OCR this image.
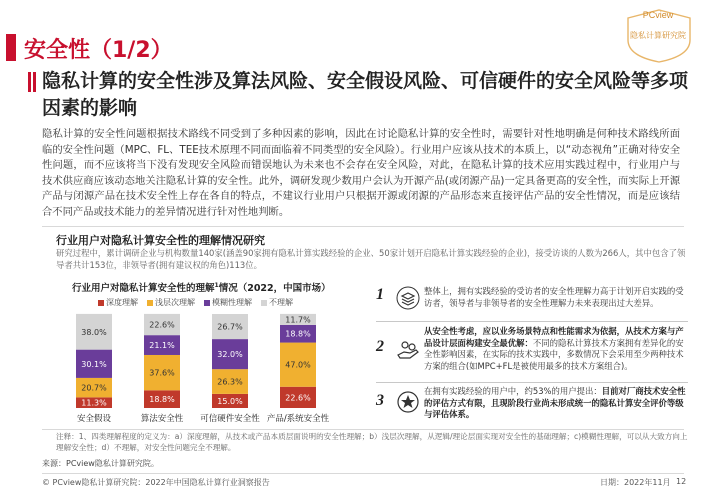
安全性（1/2）
PCview
隐私计算研究院
隐私计算的安全性涉及算法风险、安全假设风险、可信硬件的安全风险等多项因素的影响
隐私计算的安全性问题根据技术路线不同受到了多种因素的影响，因此在讨论隐私计算的安全性时，需要针对性地明确是何种技术路线所面临的安全性问题（MPC、FL、TEE技术原理不同而面临着不同类型的安全风险）。行业用户应该从技术的本质上，以“动态视角”正确对待安全性问题，而不应该将当下没有发现安全风险而错误地认为未来也不会存在安全风险，对此，在隐私计算的技术应用实践过程中，行业用户与技术供应商应该动态地关注隐私计算的安全性。此外，调研发现少数用户会认为开源产品(或闭源产品)一定具备更高的安全性，而实际上开源产品与闭源产品在技术安全性上存在各自的特点，不建议行业用户只根据开源或闭源的产品形态来直接评估产品的安全性情况，而是应该结合不同产品或技术能力的差异情况进行针对性地判断。
行业用户对隐私计算安全性的理解情况研究
研究过程中，累计调研企业与机构数量140家(涵盖90家拥有隐私计算实践经验的企业、50家计划开启隐私计算实践经验的企业)，接受访谈的人数为266人，其中包含了领导者共计153位，非领导者(拥有建议权的角色)113位。
行业用户对隐私计算安全性的理解$^1$情况（2022，中国市场）
深度理解 浅层次理解 模糊性理解 不理解
11.3%
20.7%
30.1%
38.0%
安全假设
18.8%
37.6%
21.1%
22.6%
算法安全性
15.0%
26.3%
32.0%
26.7%
可信硬件安全性
22.6%
47.0%
18.8%
11.7%
产品/系统安全性
1	整体上，拥有实践经验的受访者的安全性理解力高于计划开启实践的受访者，领导者与非领导者的安全性理解力未来表现出过大差异。
2
从安全性考虑，应以业务场景特点和性能需求为依据，从技术方案与产品设计层面构建安全最优解：不同的隐私计算技术方案拥有差异化的安全性影响因素，在实际的技术实践中，多数情况下会采用至少两种技术方案的组合(如MPC+FL是被使用最多的技术方案组合)。
3
在拥有实践经验的用户中，约53%的用户提出：目前对厂商技术安全性的评估方式有限，且现阶段行业尚未形成统一的隐私计算安全评价等级与评估体系。
注释：1、四类理解程度的定义为：a）深度理解，从技术或产品本质层面说明的安全性理解；b）浅层次理解，从逻辑/理论层面实现对安全性的基础理解；c)模糊性理解，可以从大致方向上理解安全性；d）不理解，对安全性问题完全不理解。
来源：PCview隐私计算研究院。
© PCview隐私计算研究院：2022年中国隐私计算行业洞察报告	日期：2022年11月 12
